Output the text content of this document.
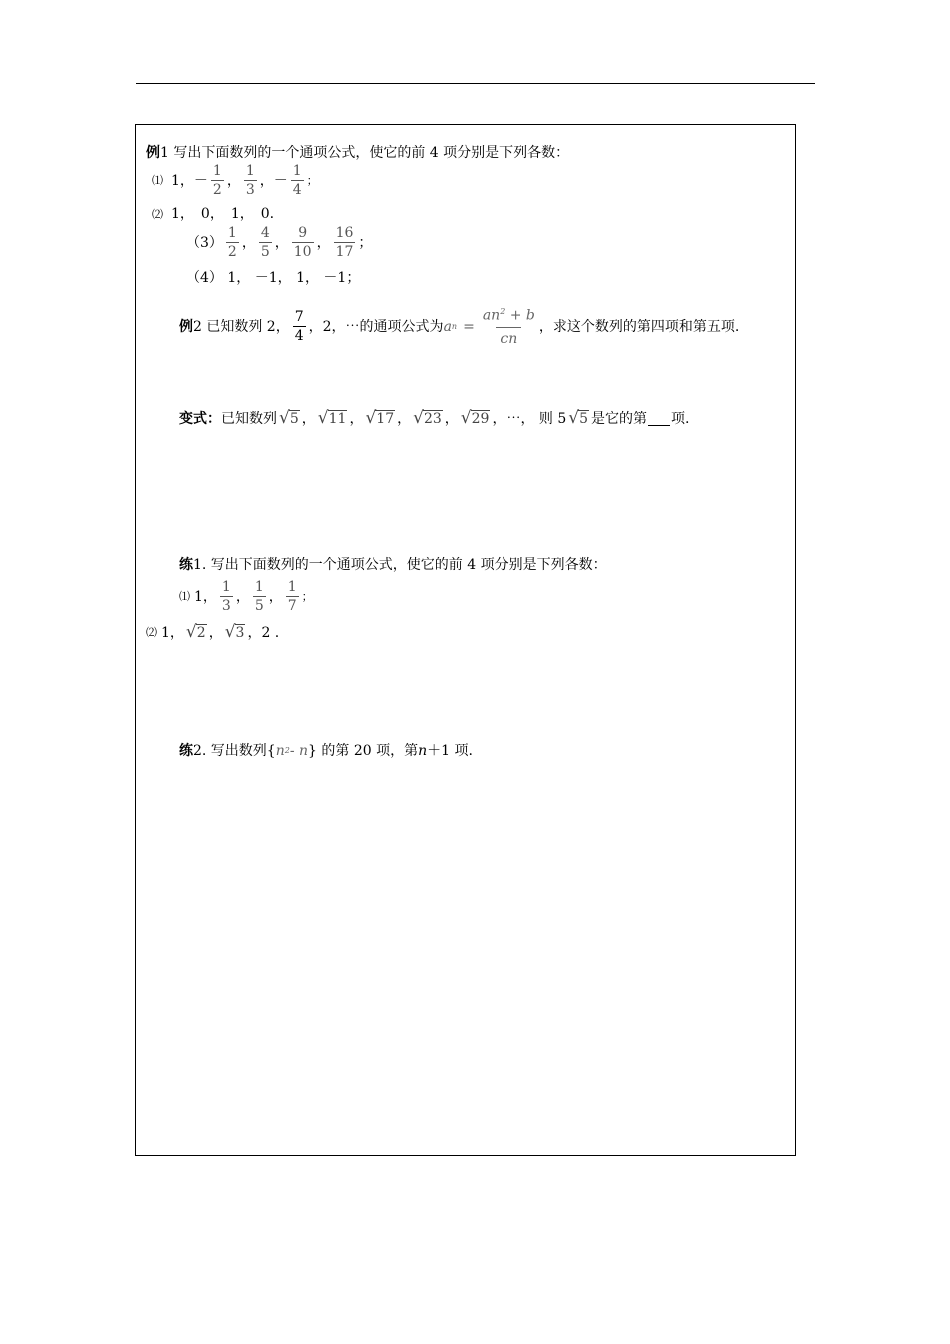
例 1 写出下面数列的一个通项公式，使它的前 4 项分别是下列各数：
⑴ 1， － $\frac{1}{2}$ ， $\frac{1}{3}$ ， － $\frac{1}{4}$ ；
⑵ 1，　0，　1，　0.
$(3) \frac{1}{2}$ ， $\frac{4}{5}$ ， $\frac{9}{10}$ ， $\frac{16}{17}$ ；
（4） 1， －1， 1， －1；
例 2 已知数列 2， $\frac{7}{4}$ ，2，⋯的通项公式为 a $n = \frac{an^2 + b}{cn}$ ，求这个数列的第四项和第五项.
变式： 已知数列 √ 5 ， √ 11 ， √ 17 ， √ 23 ， √ 29 ，⋯， 则 5 √ 5 是它的第 项.
练 1. 写出下面数列的一个通项公式，使它的前 4 项分别是下列各数：
⑴ 1， $\frac{1}{3}$ ， $\frac{1}{5}$ ， $\frac{1}{7}$ ；
⑵ 1， √ 2 ， √ 3 ，2 .
练 2. 写出数列{ n 2 - n } 的第 20 项，第 n ＋1 项.
